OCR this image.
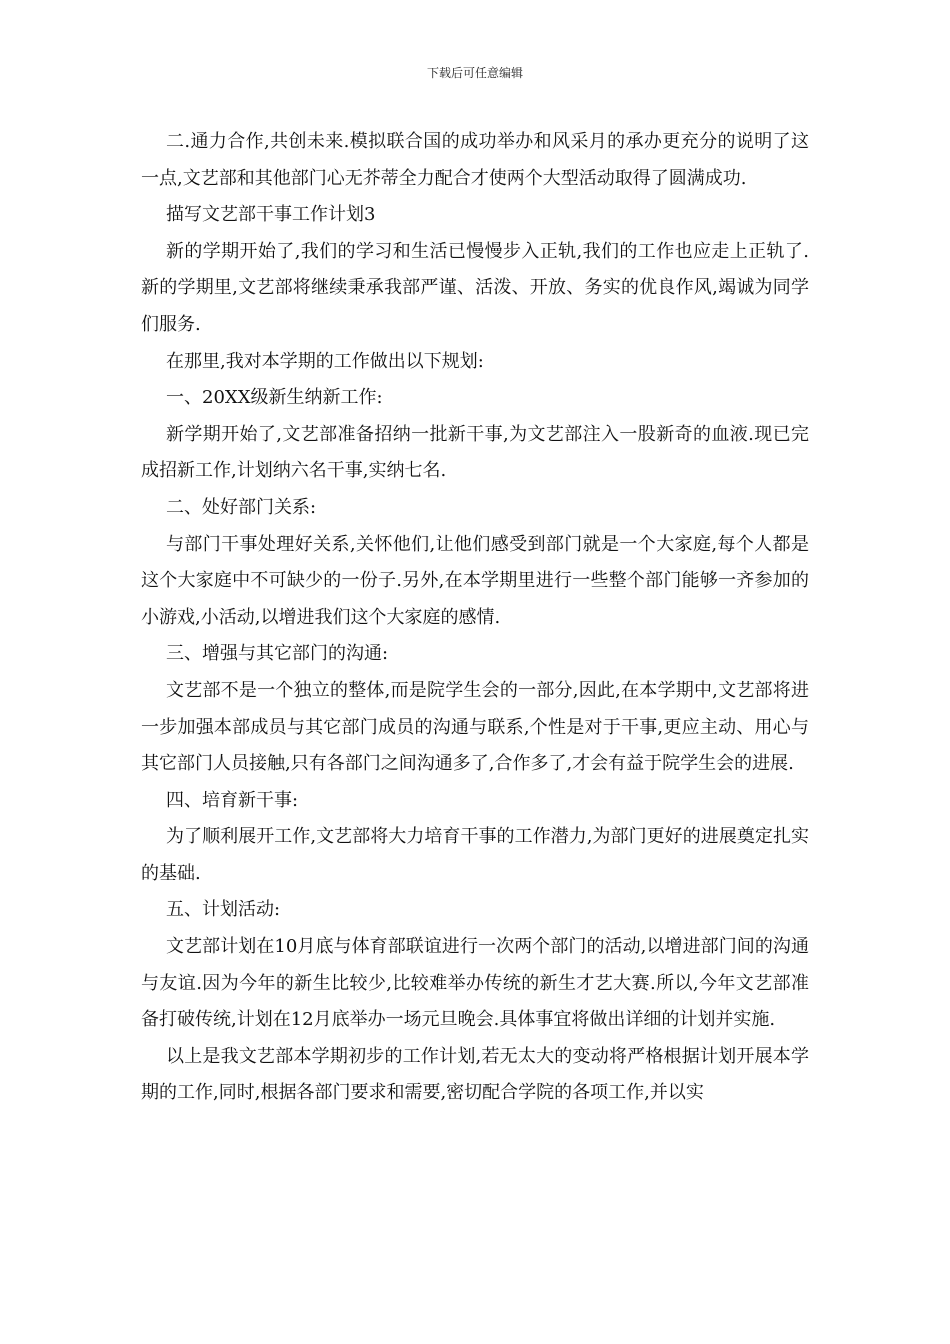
下载后可任意编辑

二.通力合作,共创未来.模拟联合国的成功举办和风采月的承办更充分的说明了这一点,文艺部和其他部门心无芥蒂全力配合才使两个大型活动取得了圆满成功.

描写文艺部干事工作计划3

新的学期开始了,我们的学习和生活已慢慢步入正轨,我们的工作也应走上正轨了.新的学期里,文艺部将继续秉承我部严谨、活泼、开放、务实的优良作风,竭诚为同学们服务.

在那里,我对本学期的工作做出以下规划:

一、20XX级新生纳新工作:

新学期开始了,文艺部准备招纳一批新干事,为文艺部注入一股新奇的血液.现已完成招新工作,计划纳六名干事,实纳七名.

二、处好部门关系:

与部门干事处理好关系,关怀他们,让他们感受到部门就是一个大家庭,每个人都是这个大家庭中不可缺少的一份子.另外,在本学期里进行一些整个部门能够一齐参加的小游戏,小活动,以增进我们这个大家庭的感情.

三、增强与其它部门的沟通:

文艺部不是一个独立的整体,而是院学生会的一部分,因此,在本学期中,文艺部将进一步加强本部成员与其它部门成员的沟通与联系,个性是对于干事,更应主动、用心与其它部门人员接触,只有各部门之间沟通多了,合作多了,才会有益于院学生会的进展.

四、培育新干事:

为了顺利展开工作,文艺部将大力培育干事的工作潜力,为部门更好的进展奠定扎实的基础.

五、计划活动:

文艺部计划在10月底与体育部联谊进行一次两个部门的活动,以增进部门间的沟通与友谊.因为今年的新生比较少,比较难举办传统的新生才艺大赛.所以,今年文艺部准备打破传统,计划在12月底举办一场元旦晚会.具体事宜将做出详细的计划并实施.

以上是我文艺部本学期初步的工作计划,若无太大的变动将严格根据计划开展本学期的工作,同时,根据各部门要求和需要,密切配合学院的各项工作,并以实
